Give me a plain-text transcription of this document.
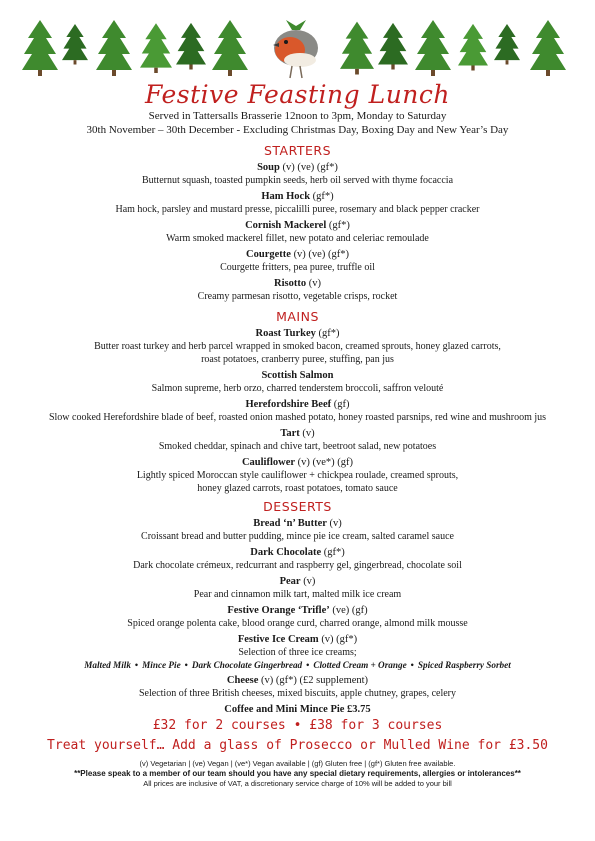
Festive Feasting Lunch
Served in Tattersalls Brasserie 12noon to 3pm, Monday to Saturday
30th November – 30th December - Excluding Christmas Day, Boxing Day and New Year’s Day
STARTERS
Soup (v) (ve) (gf*)
Butternut squash, toasted pumpkin seeds, herb oil served with thyme focaccia
Ham Hock (gf*)
Ham hock, parsley and mustard presse, piccalilli puree, rosemary and black pepper cracker
Cornish Mackerel (gf*)
Warm smoked mackerel fillet, new potato and celeriac remoulade
Courgette (v) (ve) (gf*)
Courgette fritters, pea puree, truffle oil
Risotto (v)
Creamy parmesan risotto, vegetable crisps, rocket
MAINS
Roast Turkey (gf*)
Butter roast turkey and herb parcel wrapped in smoked bacon, creamed sprouts, honey glazed carrots,
roast potatoes, cranberry puree, stuffing, pan jus
Scottish Salmon
Salmon supreme, herb orzo, charred tenderstem broccoli, saffron velouté
Herefordshire Beef (gf)
Slow cooked Herefordshire blade of beef, roasted onion mashed potato, honey roasted parsnips, red wine and mushroom jus
Tart (v)
Smoked cheddar, spinach and chive tart, beetroot salad, new potatoes
Cauliflower (v) (ve*) (gf)
Lightly spiced Moroccan style cauliflower + chickpea roulade, creamed sprouts,
honey glazed carrots, roast potatoes, tomato sauce
DESSERTS
Bread ‘n’ Butter (v)
Croissant bread and butter pudding, mince pie ice cream, salted caramel sauce
Dark Chocolate (gf*)
Dark chocolate crémeux, redcurrant and raspberry gel, gingerbread, chocolate soil
Pear (v)
Pear and cinnamon milk tart, malted milk ice cream
Festive Orange ‘Trifle’ (ve) (gf)
Spiced orange polenta cake, blood orange curd, charred orange, almond milk mousse
Festive Ice Cream (v) (gf*)
Selection of three ice creams;
Malted Milk • Mince Pie • Dark Chocolate Gingerbread • Clotted Cream + Orange • Spiced Raspberry Sorbet
Cheese (v) (gf*) (£2 supplement)
Selection of three British cheeses, mixed biscuits, apple chutney, grapes, celery
Coffee and Mini Mince Pie £3.75
£32 for 2 courses • £38 for 3 courses
Treat yourself… Add a glass of Prosecco or Mulled Wine for £3.50
(v) Vegetarian | (ve) Vegan | (ve*) Vegan available | (gf) Gluten free | (gf*) Gluten free available.
**Please speak to a member of our team should you have any special dietary requirements, allergies or intolerances**
All prices are inclusive of VAT, a discretionary service charge of 10% will be added to your bill
